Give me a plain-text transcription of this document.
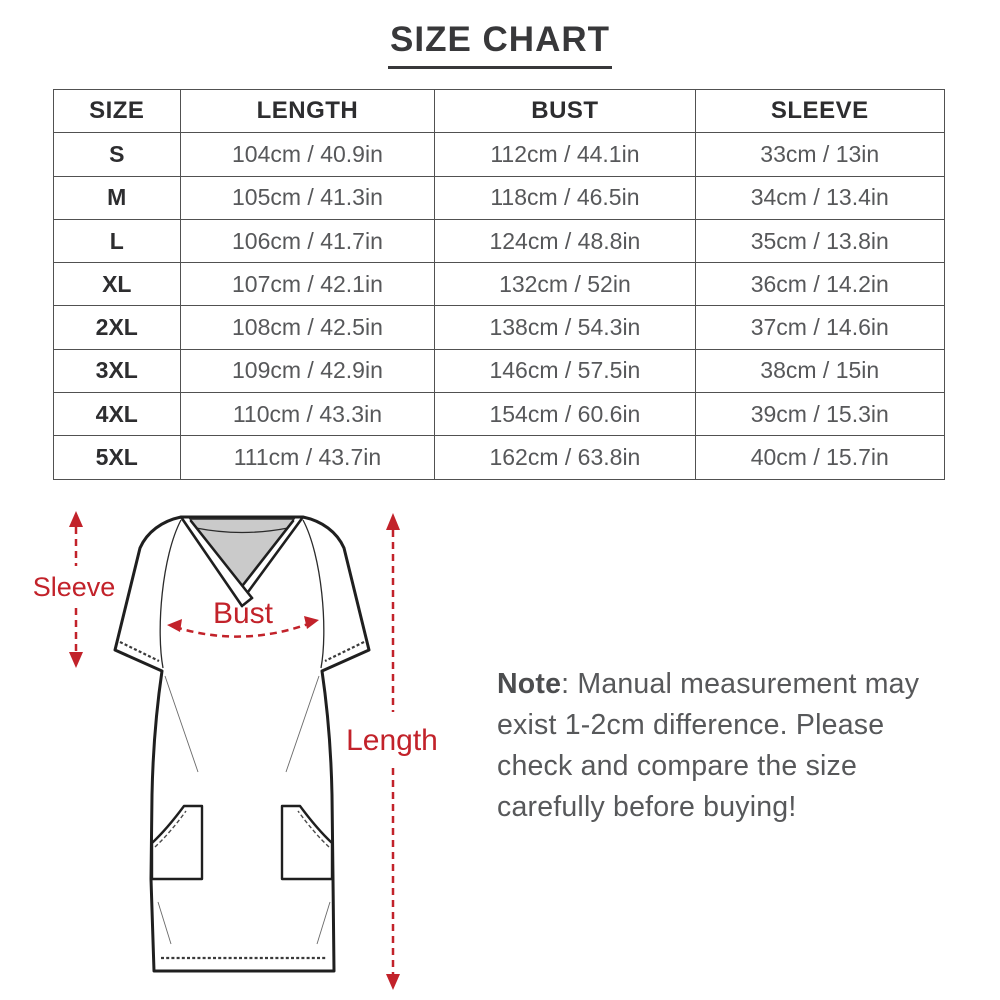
SIZE CHART
SIZE	LENGTH	BUST	SLEEVE
S	104cm / 40.9in	112cm / 44.1in	33cm / 13in
M	105cm / 41.3in	118cm / 46.5in	34cm / 13.4in
L	106cm / 41.7in	124cm / 48.8in	35cm / 13.8in
XL	107cm / 42.1in	132cm / 52in	36cm / 14.2in
2XL	108cm / 42.5in	138cm / 54.3in	37cm / 14.6in
3XL	109cm / 42.9in	146cm / 57.5in	38cm / 15in
4XL	110cm / 43.3in	154cm / 60.6in	39cm / 15.3in
5XL	111cm / 43.7in	162cm / 63.8in	40cm / 15.7in
Sleeve
Bust
Length
Note: Manual measurement may
exist 1-2cm difference. Please
check and compare the size
carefully before buying!
